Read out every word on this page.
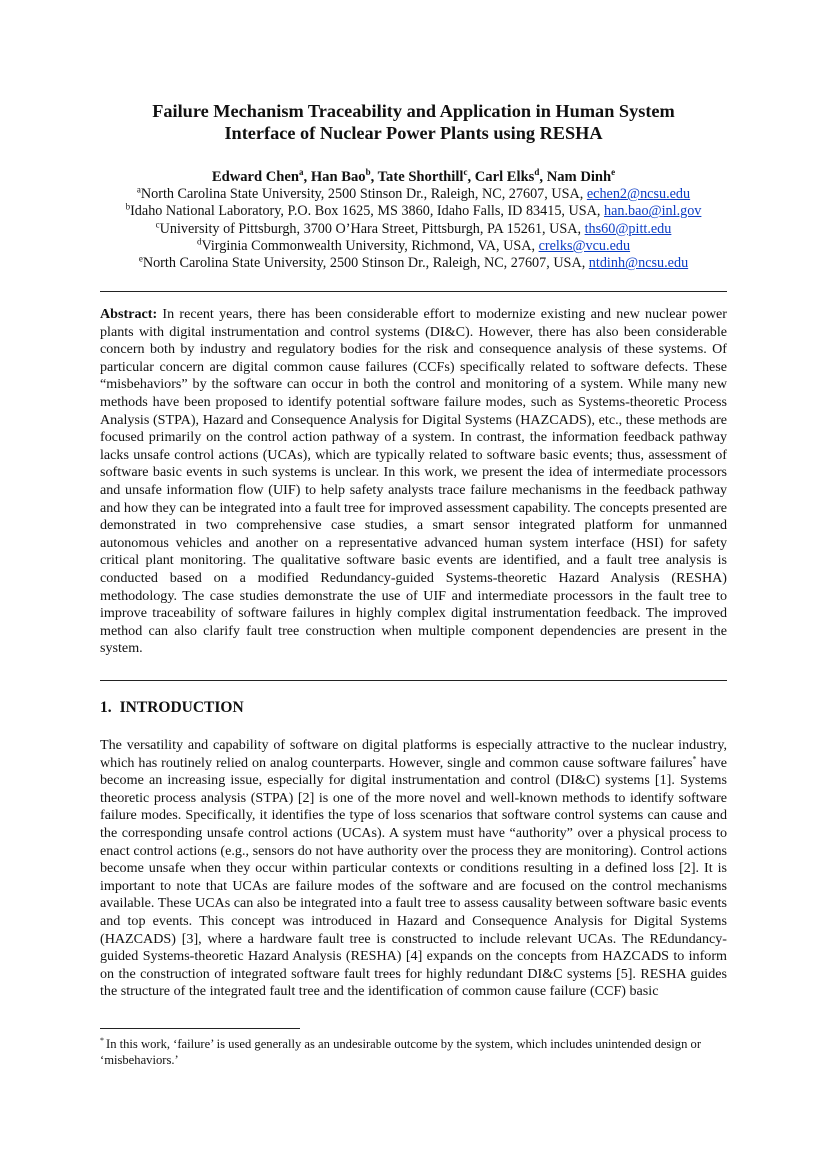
Failure Mechanism Traceability and Application in Human System
Interface of Nuclear Power Plants using RESHA

Edward Chen$^a$, Han Bao$^b$, Tate Shorthill$^c$, Carl Elks$^d$, Nam Dinh$^e$

$^a$North Carolina State University, 2500 Stinson Dr., Raleigh, NC, 27607, USA, echen2@ncsu.edu
$^b$Idaho National Laboratory, P.O. Box 1625, MS 3860, Idaho Falls, ID 83415, USA, han.bao@inl.gov
$^c$University of Pittsburgh, 3700 O’Hara Street, Pittsburgh, PA 15261, USA, ths60@pitt.edu
$^d$Virginia Commonwealth University, Richmond, VA, USA, crelks@vcu.edu
$^e$North Carolina State University, 2500 Stinson Dr., Raleigh, NC, 27607, USA, ntdinh@ncsu.edu

Abstract: In recent years, there has been considerable effort to modernize existing and new nuclear power plants with digital instrumentation and control systems (DI&C). However, there has also been considerable concern both by industry and regulatory bodies for the risk and consequence analysis of these systems. Of particular concern are digital common cause failures (CCFs) specifically related to software defects. These “misbehaviors” by the software can occur in both the control and monitoring of a system. While many new methods have been proposed to identify potential software failure modes, such as Systems-theoretic Process Analysis (STPA), Hazard and Consequence Analysis for Digital Systems (HAZCADS), etc., these methods are focused primarily on the control action pathway of a system. In contrast, the information feedback pathway lacks unsafe control actions (UCAs), which are typically related to software basic events; thus, assessment of software basic events in such systems is unclear. In this work, we present the idea of intermediate processors and unsafe information flow (UIF) to help safety analysts trace failure mechanisms in the feedback pathway and how they can be integrated into a fault tree for improved assessment capability. The concepts presented are demonstrated in two comprehensive case studies, a smart sensor integrated platform for unmanned autonomous vehicles and another on a representative advanced human system interface (HSI) for safety critical plant monitoring. The qualitative software basic events are identified, and a fault tree analysis is conducted based on a modified Redundancy-guided Systems-theoretic Hazard Analysis (RESHA) methodology. The case studies demonstrate the use of UIF and intermediate processors in the fault tree to improve traceability of software failures in highly complex digital instrumentation feedback. The improved method can also clarify fault tree construction when multiple component dependencies are present in the system.

1. INTRODUCTION

The versatility and capability of software on digital platforms is especially attractive to the nuclear industry, which has routinely relied on analog counterparts. However, single and common cause software failures* have become an increasing issue, especially for digital instrumentation and control (DI&C) systems [1]. Systems theoretic process analysis (STPA) [2] is one of the more novel and well-known methods to identify software failure modes. Specifically, it identifies the type of loss scenarios that software control systems can cause and the corresponding unsafe control actions (UCAs). A system must have “authority” over a physical process to enact control actions (e.g., sensors do not have authority over the process they are monitoring). Control actions become unsafe when they occur within particular contexts or conditions resulting in a defined loss [2]. It is important to note that UCAs are failure modes of the software and are focused on the control mechanisms available. These UCAs can also be integrated into a fault tree to assess causality between software basic events and top events. This concept was introduced in Hazard and Consequence Analysis for Digital Systems (HAZCADS) [3], where a hardware fault tree is constructed to include relevant UCAs. The REdundancy-guided Systems-theoretic Hazard Analysis (RESHA) [4] expands on the concepts from HAZCADS to inform on the construction of integrated software fault trees for highly redundant DI&C systems [5]. RESHA guides the structure of the integrated fault tree and the identification of common cause failure (CCF) basic

* In this work, ‘failure’ is used generally as an undesirable outcome by the system, which includes unintended design or ‘misbehaviors.’
